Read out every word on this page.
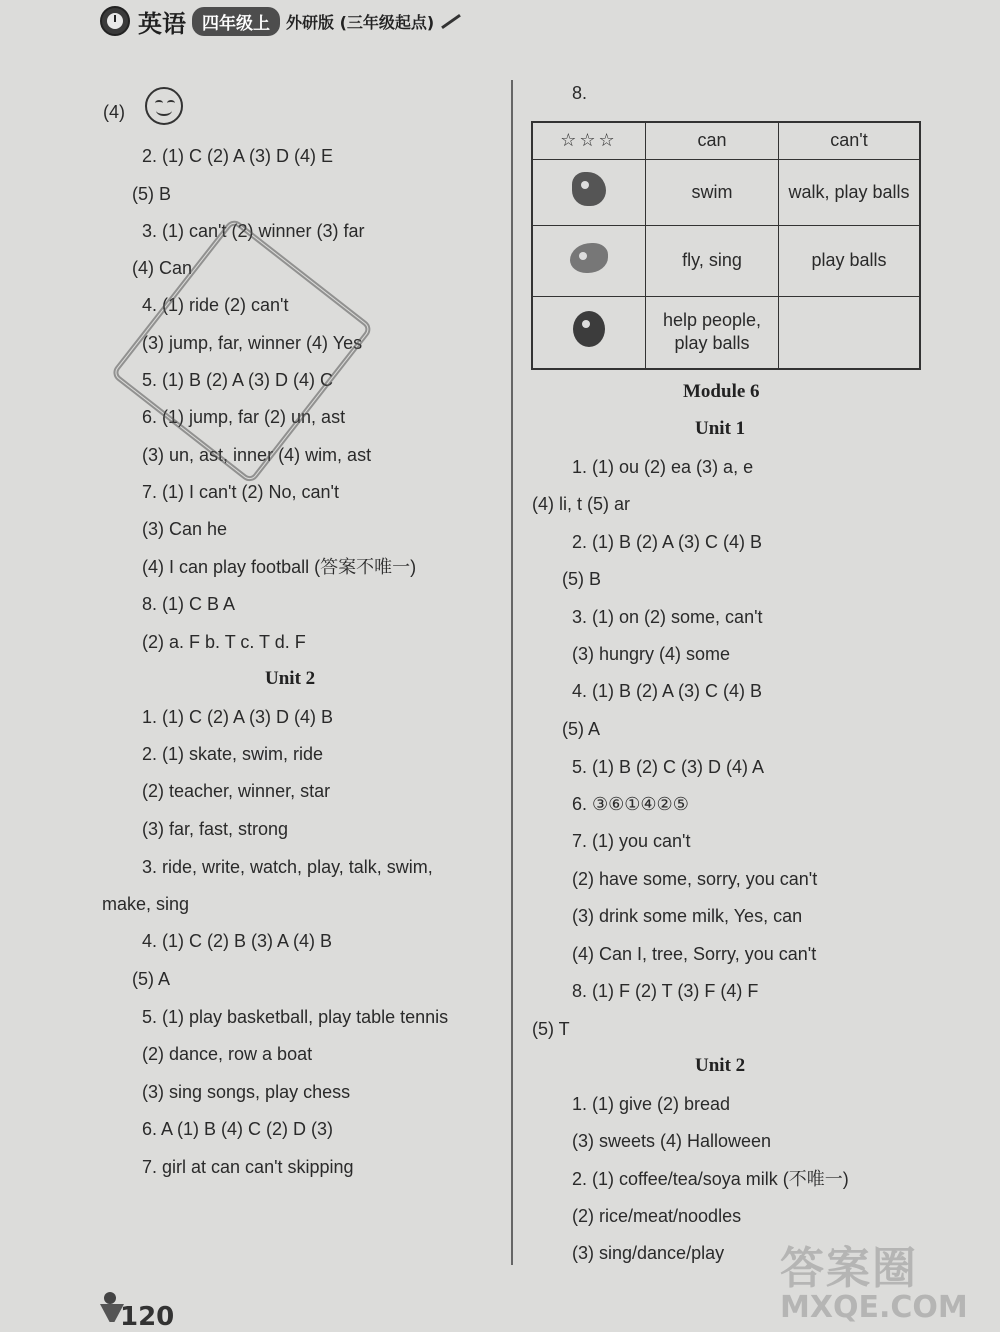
英语 四年级上	外研版 (三年级起点)
(4)
2. (1) C (2) A (3) D (4) E
(5) B
3. (1) can't (2) winner (3) far
(4) Can
4. (1) ride (2) can't
(3) jump, far, winner (4) Yes
5. (1) B (2) A (3) D (4) C
6. (1) jump, far (2) un, ast
(3) un, ast, inner (4) wim, ast
7. (1) I can't (2) No, can't
(3) Can he
(4) I can play football (答案不唯一)
8. (1) C B A
(2) a. F b. T c. T d. F
Unit 2
1. (1) C (2) A (3) D (4) B
2. (1) skate, swim, ride
(2) teacher, winner, star
(3) far, fast, strong
3. ride, write, watch, play, talk, swim,
make, sing
4. (1) C (2) B (3) A (4) B
(5) A
5. (1) play basketball, play table tennis
(2) dance, row a boat
(3) sing songs, play chess
6. A (1) B (4) C (2) D (3)
7. girl at can can't skipping
8.
☆☆☆	can	can't
	swim	walk, play balls
	fly, sing	play balls

	help people,
play balls	

Module 6
Unit 1
1. (1) ou (2) ea (3) a, e
(4) li, t (5) ar
2. (1) B (2) A (3) C (4) B
(5) B
3. (1) on (2) some, can't
(3) hungry (4) some
4. (1) B (2) A (3) C (4) B
(5) A
5. (1) B (2) C (3) D (4) A
6. ③⑥①④②⑤
7. (1) you can't
(2) have some, sorry, you can't
(3) drink some milk, Yes, can
(4) Can I, tree, Sorry, you can't
8. (1) F (2) T (3) F (4) F
(5) T
Unit 2
1. (1) give (2) bread
(3) sweets (4) Halloween
2. (1) coffee/tea/soya milk (不唯一)
(2) rice/meat/noodles
(3) sing/dance/play
120
答案圈
MXQE.COM
